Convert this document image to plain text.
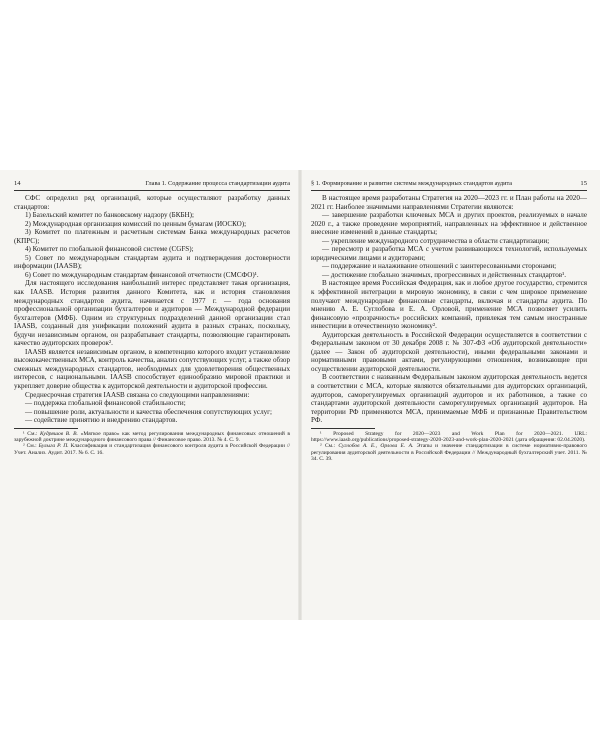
14	Глава 1. Содержание процесса стандартизации аудита

СФС определил ряд организаций, которые осуществляют разработку данных стандартов:

1) Базельский комитет по банковскому надзору (БКБН);

2) Международная организация комиссий по ценным бумагам (ИОСКО);

3) Комитет по платежным и расчетным системам Банка международных расчетов (КПРС);

4) Комитет по глобальной финансовой системе (CGFS);

5) Совет по международным стандартам аудита и подтверждения достоверности информации (IAASB);

6) Совет по международным стандартам финансовой отчетности (СМСФО)¹.

Для настоящего исследования наибольший интерес представляет такая организация, как IAASB. История развития данного Комитета, как и история становления международных стандартов аудита, начинается с 1977 г. — года основания профессиональной организации бухгалтеров и аудиторов — Международной федерации бухгалтеров (МФБ). Одним из структурных подразделений данной организации стал IAASB, созданный для унификации положений аудита в разных странах, поскольку, будучи независимым органом, он разрабатывает стандарты, позволяющие гарантировать качество аудиторских проверок².

IAASB является независимым органом, в компетенцию которого входит установление высококачественных МСА, контроль качества, анализ сопутствующих услуг, а также обзор смежных международных стандартов, необходимых для удовлетворения общественных интересов, с национальными. IAASB способствует единообразию мировой практики и укрепляет доверие общества к аудиторской деятельности и аудиторской профессии.

Среднесрочная стратегия IAASB связана со следующими направлениями:

— поддержка глобальной финансовой стабильности;

— повышение роли, актуальности и качества обеспечения сопутствующих услуг;

— содействие принятию и внедрению стандартов.

¹ См.: Кудряшов В. В. «Мягкое право» как метод регулирования международных финансовых отношений в зарубежной доктрине международного финансового права // Финансовое право. 2013. № 4. С. 9.

² См.: Булыга Р. П. Классификация и стандартизация финансового контроля аудита в Российской Федерации // Учет. Анализ. Аудит. 2017. № 6. С. 16.

§ 1. Формирование и развитие системы международных стандартов аудита	15

В настоящее время разработаны Стратегия на 2020—2023 гг. и План работы на 2020—2021 гг. Наиболее значимыми направлениями Стратегии являются:

— завершение разработки ключевых МСА и других проектов, реализуемых в начале 2020 г., а также проведение мероприятий, направленных на эффективное и действенное внесение изменений в данные стандарты;

— укрепление международного сотрудничества в области стандартизации;

— пересмотр и разработка МСА с учетом развивающихся технологий, используемых юридическими лицами и аудиторами;

— поддержание и налаживание отношений с заинтересованными сторонами;

— достижение глобально значимых, прогрессивных и действенных стандартов¹.

В настоящее время Российская Федерация, как и любое другое государство, стремится к эффективной интеграции в мировую экономику, в связи с чем широкое применение получают международные финансовые стандарты, включая и стандарты аудита. По мнению А. Е. Суглобова и Е. А. Орловой, применение МСА позволяет усилить финансовую «прозрачность» российских компаний, привлекая тем самым иностранные инвестиции в отечественную экономику².

Аудиторская деятельность в Российской Федерации осуществляется в соответствии с Федеральным законом от 30 декабря 2008 г. № 307-ФЗ «Об аудиторской деятельности» (далее — Закон об аудиторской деятельности), иными федеральными законами и нормативными правовыми актами, регулирующими отношения, возникающие при осуществлении аудиторской деятельности.

В соответствии с названным Федеральным законом аудиторская деятельность ведется в соответствии с МСА, которые являются обязательными для аудиторских организаций, аудиторов, саморегулируемых организаций аудиторов и их работников, а также со стандартами аудиторской деятельности саморегулируемых организаций аудиторов. На территории РФ применяются МСА, принимаемые МФБ и признанные Правительством РФ.

¹ Proposed Strategy for 2020—2023 and Work Plan for 2020—2021. URL: https://www.iaasb.org/publications/proposed-strategy-2020-2023-and-work-plan-2020-2021 (дата обращения: 02.04.2020).

² См.: Суглобов А. Е., Орлова Е. А. Этапы и значение стандартизации в системе нормативно-правового регулирования аудиторской деятельности в Российской Федерации // Международный бухгалтерский учет. 2011. № 34. С. 39.
